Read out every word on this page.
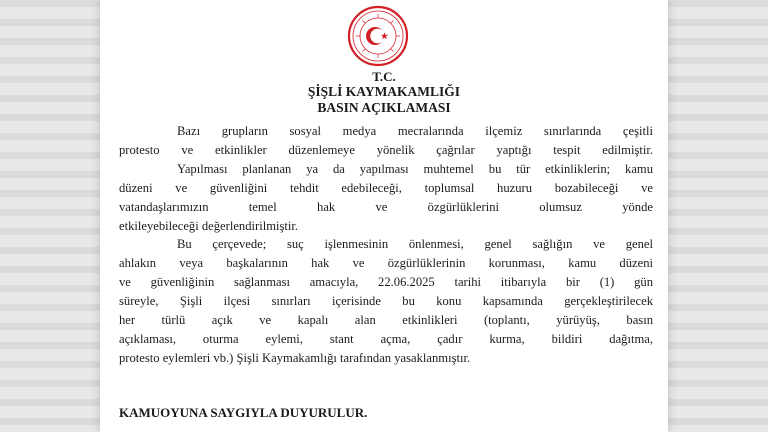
T.C.
ŞİŞLİ KAYMAKAMLIĞI
BASIN AÇIKLAMASI
Bazı grupların sosyal medya mecralarında ilçemiz sınırlarında çeşitli
protesto ve etkinlikler düzenlemeye yönelik çağrılar yaptığı tespit edilmiştir.
Yapılması planlanan ya da yapılması muhtemel bu tür etkinliklerin; kamu
düzeni ve güvenliğini tehdit edebileceği, toplumsal huzuru bozabileceği ve
vatandaşlarımızın temel hak ve özgürlüklerini olumsuz yönde
etkileyebileceği değerlendirilmiştir.
Bu çerçevede; suç işlenmesinin önlenmesi, genel sağlığın ve genel
ahlakın veya başkalarının hak ve özgürlüklerinin korunması, kamu düzeni
ve güvenliğinin sağlanması amacıyla, 22.06.2025 tarihi itibarıyla bir (1) gün
süreyle, Şişli ilçesi sınırları içerisinde bu konu kapsamında gerçekleştirilecek
her türlü açık ve kapalı alan etkinlikleri (toplantı, yürüyüş, basın
açıklaması, oturma eylemi, stant açma, çadır kurma, bildiri dağıtma,
protesto eylemleri vb.) Şişli Kaymakamlığı tarafından yasaklanmıştır.
KAMUOYUNA SAYGIYLA DUYURULUR.
